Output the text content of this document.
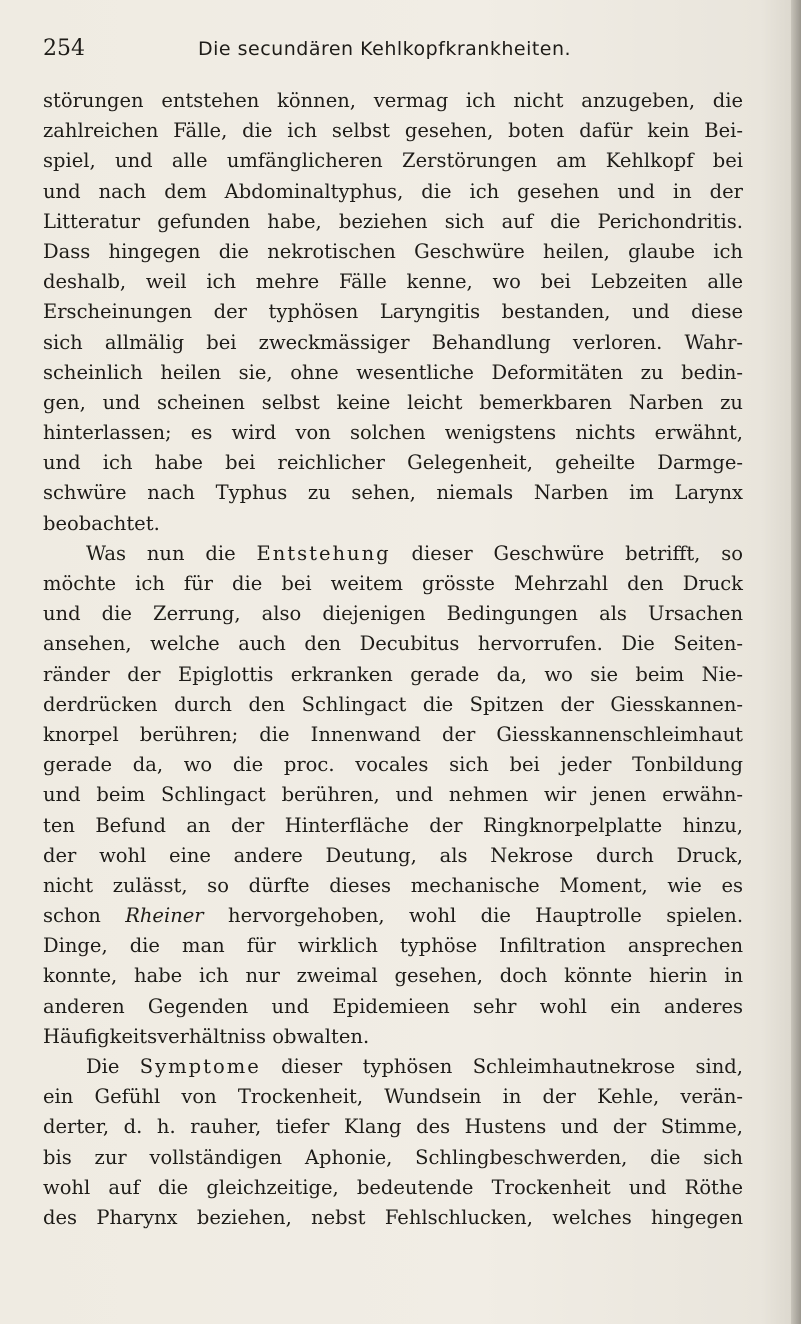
254	Die secundären Kehlkopfkrankheiten.
störungen entstehen können, vermag ich nicht anzugeben, die
zahlreichen Fälle, die ich selbst gesehen, boten dafür kein Bei-
spiel, und alle umfänglicheren Zerstörungen am Kehlkopf bei
und nach dem Abdominaltyphus, die ich gesehen und in der
Litteratur gefunden habe, beziehen sich auf die Perichondritis.
Dass hingegen die nekrotischen Geschwüre heilen, glaube ich
deshalb, weil ich mehre Fälle kenne, wo bei Lebzeiten alle
Erscheinungen der typhösen Laryngitis bestanden, und diese
sich allmälig bei zweckmässiger Behandlung verloren. Wahr-
scheinlich heilen sie, ohne wesentliche Deformitäten zu bedin-
gen, und scheinen selbst keine leicht bemerkbaren Narben zu
hinterlassen; es wird von solchen wenigstens nichts erwähnt,
und ich habe bei reichlicher Gelegenheit, geheilte Darmge-
schwüre nach Typhus zu sehen, niemals Narben im Larynx
beobachtet.
Was nun die Entstehung dieser Geschwüre betrifft, so
möchte ich für die bei weitem grösste Mehrzahl den Druck
und die Zerrung, also diejenigen Bedingungen als Ursachen
ansehen, welche auch den Decubitus hervorrufen. Die Seiten-
ränder der Epiglottis erkranken gerade da, wo sie beim Nie-
derdrücken durch den Schlingact die Spitzen der Giesskannen-
knorpel berühren; die Innenwand der Giesskannenschleimhaut
gerade da, wo die proc. vocales sich bei jeder Tonbildung
und beim Schlingact berühren, und nehmen wir jenen erwähn-
ten Befund an der Hinterfläche der Ringknorpelplatte hinzu,
der wohl eine andere Deutung, als Nekrose durch Druck,
nicht zulässt, so dürfte dieses mechanische Moment, wie es
schon Rheiner hervorgehoben, wohl die Hauptrolle spielen.
Dinge, die man für wirklich typhöse Infiltration ansprechen
konnte, habe ich nur zweimal gesehen, doch könnte hierin in
anderen Gegenden und Epidemieen sehr wohl ein anderes
Häufigkeitsverhältniss obwalten.
Die Symptome dieser typhösen Schleimhautnekrose sind,
ein Gefühl von Trockenheit, Wundsein in der Kehle, verän-
derter, d. h. rauher, tiefer Klang des Hustens und der Stimme,
bis zur vollständigen Aphonie, Schlingbeschwerden, die sich
wohl auf die gleichzeitige, bedeutende Trockenheit und Röthe
des Pharynx beziehen, nebst Fehlschlucken, welches hingegen
